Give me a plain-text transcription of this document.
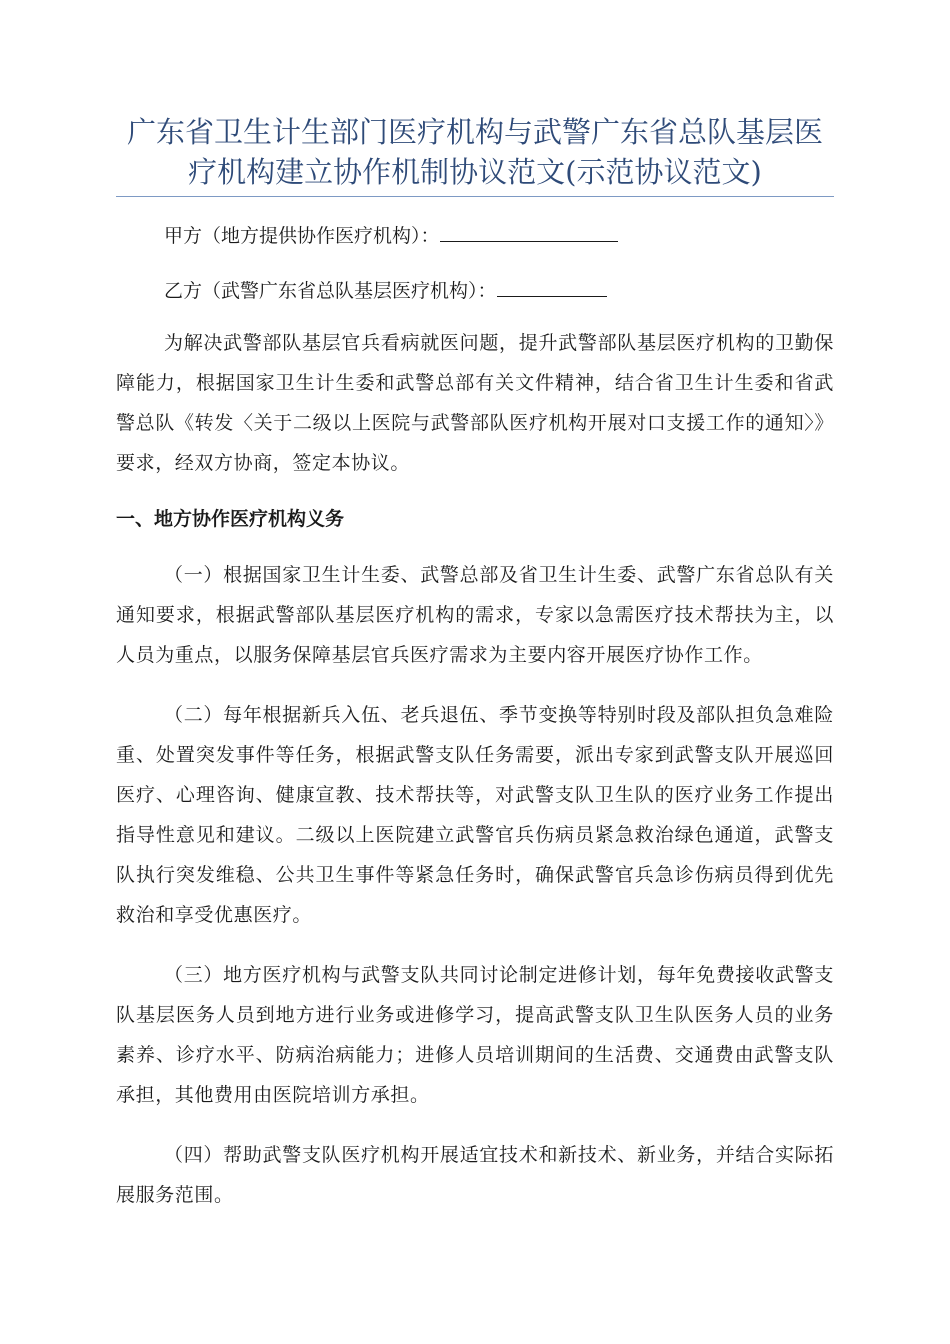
广东省卫生计生部门医疗机构与武警广东省总队基层医
疗机构建立协作机制协议范文(示范协议范文)

甲方（地方提供协作医疗机构）：

乙方（武警广东省总队基层医疗机构）：

为解决武警部队基层官兵看病就医问题，提升武警部队基层医疗机构的卫勤保障能力，根据国家卫生计生委和武警总部有关文件精神，结合省卫生计生委和省武警总队《转发〈关于二级以上医院与武警部队医疗机构开展对口支援工作的通知〉》要求，经双方协商，签定本协议。

一、地方协作医疗机构义务

（一）根据国家卫生计生委、武警总部及省卫生计生委、武警广东省总队有关通知要求，根据武警部队基层医疗机构的需求，专家以急需医疗技术帮扶为主，以人员为重点，以服务保障基层官兵医疗需求为主要内容开展医疗协作工作。

（二）每年根据新兵入伍、老兵退伍、季节变换等特别时段及部队担负急难险重、处置突发事件等任务，根据武警支队任务需要，派出专家到武警支队开展巡回医疗、心理咨询、健康宣教、技术帮扶等，对武警支队卫生队的医疗业务工作提出指导性意见和建议。二级以上医院建立武警官兵伤病员紧急救治绿色通道，武警支队执行突发维稳、公共卫生事件等紧急任务时，确保武警官兵急诊伤病员得到优先救治和享受优惠医疗。

（三）地方医疗机构与武警支队共同讨论制定进修计划，每年免费接收武警支队基层医务人员到地方进行业务或进修学习，提高武警支队卫生队医务人员的业务素养、诊疗水平、防病治病能力；进修人员培训期间的生活费、交通费由武警支队承担，其他费用由医院培训方承担。

（四）帮助武警支队医疗机构开展适宜技术和新技术、新业务，并结合实际拓展服务范围。
